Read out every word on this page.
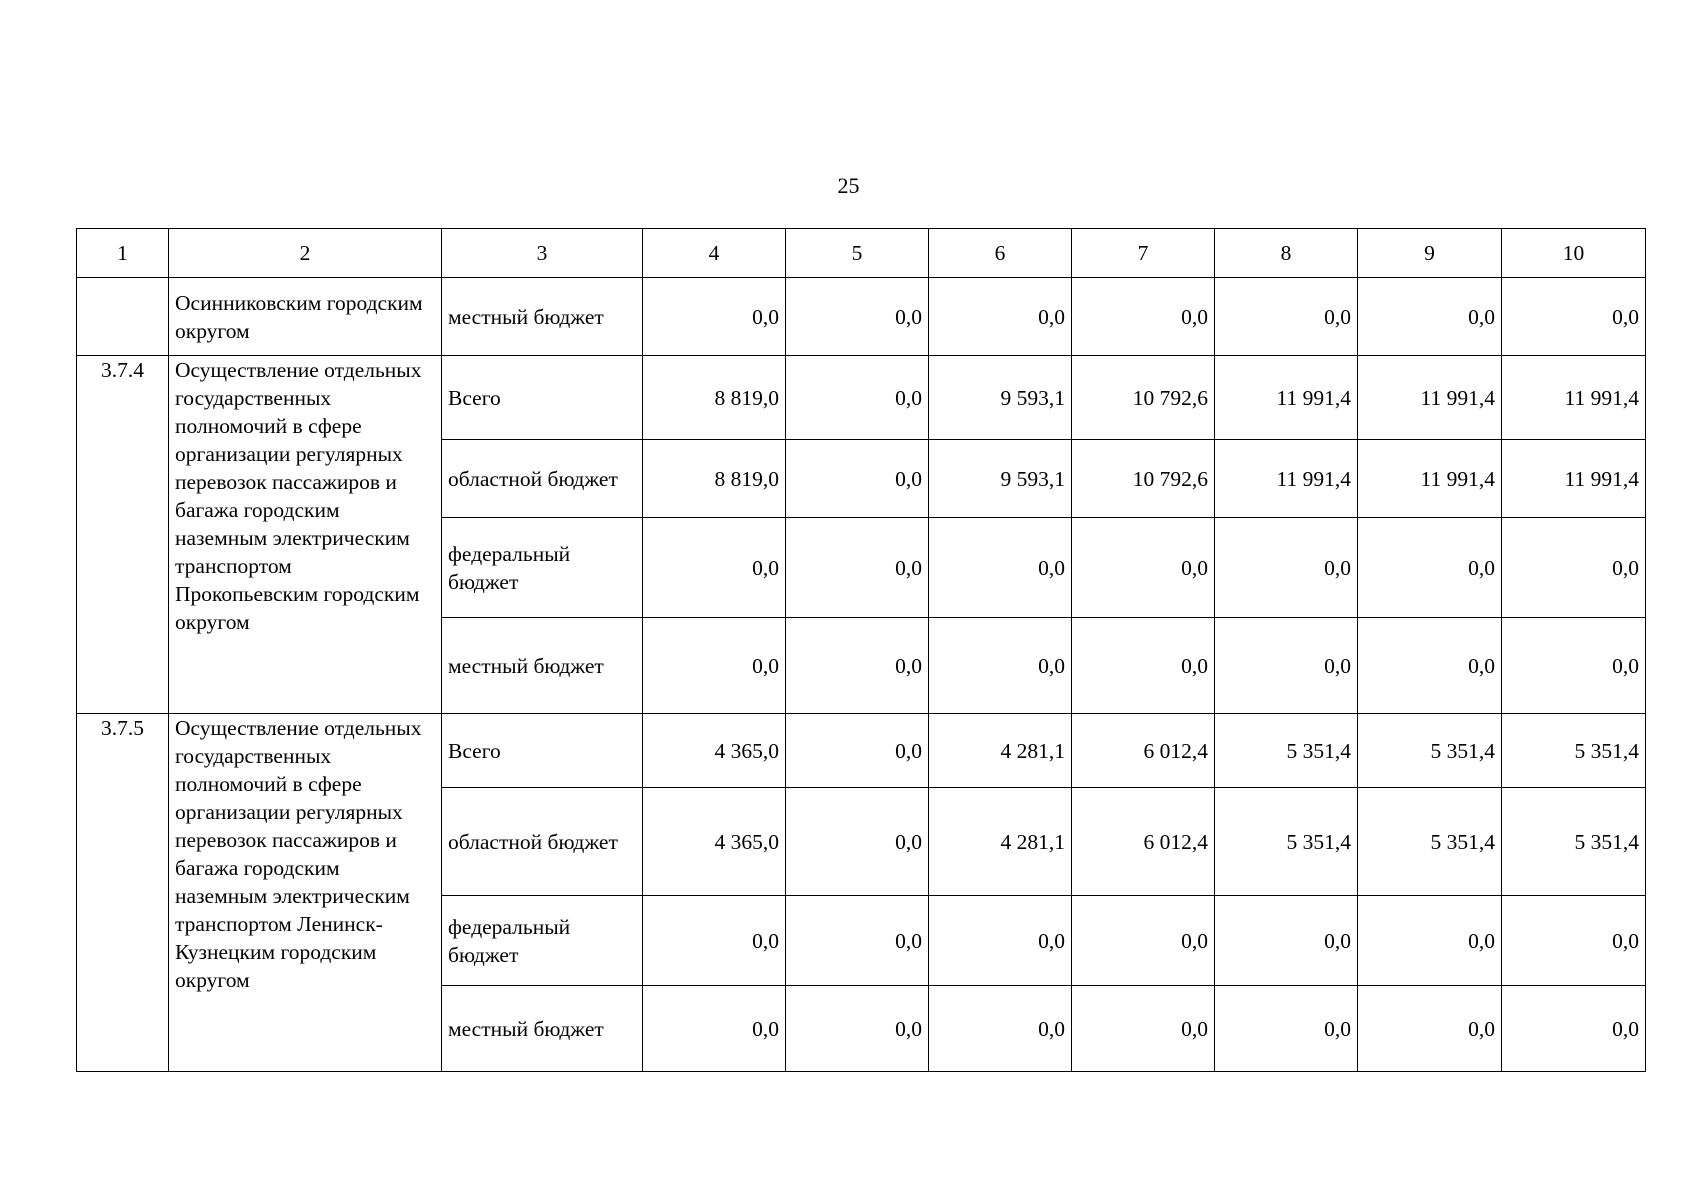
25
1	2	3	4	5	6	7	8	9	10
	Осинниковским городским округом	местный бюджет	0,0	0,0	0,0	0,0	0,0	0,0	0,0
3.7.4	Осуществление отдельных государственных полномочий в сфере организации регулярных перевозок пассажиров и багажа городским наземным электрическим транспортом Прокопьевским городским округом	Всего	8 819,0	0,0	9 593,1	10 792,6	11 991,4	11 991,4	11 991,4
		областной бюджет	8 819,0	0,0	9 593,1	10 792,6	11 991,4	11 991,4	11 991,4
		федеральный бюджет	0,0	0,0	0,0	0,0	0,0	0,0	0,0
		местный бюджет	0,0	0,0	0,0	0,0	0,0	0,0	0,0
3.7.5	Осуществление отдельных государственных полномочий в сфере организации регулярных перевозок пассажиров и багажа городским наземным электрическим транспортом Ленинск-Кузнецким городским округом	Всего	4 365,0	0,0	4 281,1	6 012,4	5 351,4	5 351,4	5 351,4
		областной бюджет	4 365,0	0,0	4 281,1	6 012,4	5 351,4	5 351,4	5 351,4
		федеральный бюджет	0,0	0,0	0,0	0,0	0,0	0,0	0,0
		местный бюджет	0,0	0,0	0,0	0,0	0,0	0,0	0,0
